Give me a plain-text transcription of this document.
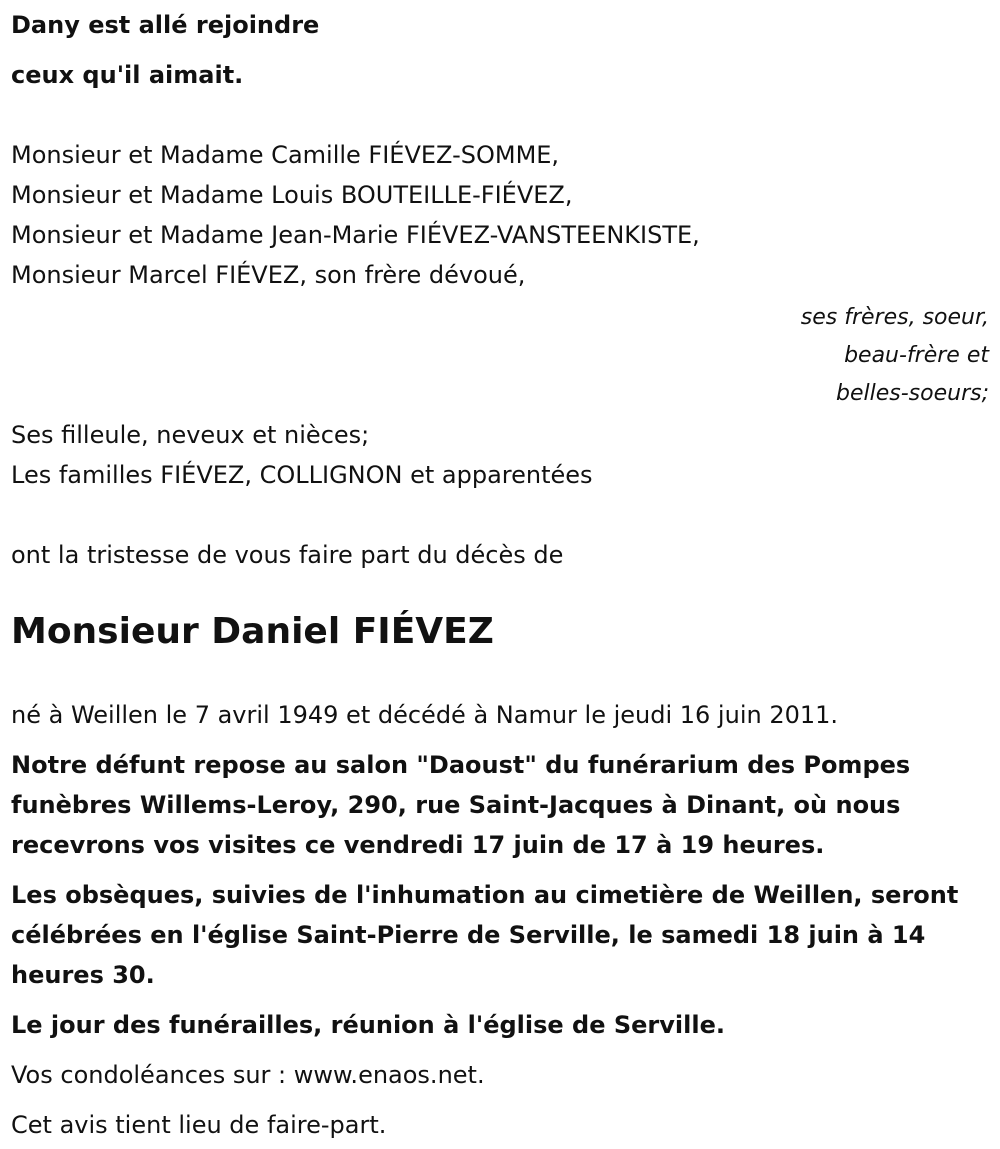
Dany est allé rejoindre
ceux qu'il aimait.
Monsieur et Madame Camille FIÉVEZ-SOMME,
Monsieur et Madame Louis BOUTEILLE-FIÉVEZ,
Monsieur et Madame Jean-Marie FIÉVEZ-VANSTEENKISTE,
Monsieur Marcel FIÉVEZ, son frère dévoué,
ses frères, soeur,
beau-frère et
belles-soeurs;
Ses filleule, neveux et nièces;
Les familles FIÉVEZ, COLLIGNON et apparentées
ont la tristesse de vous faire part du décès de
Monsieur Daniel FIÉVEZ
né à Weillen le 7 avril 1949 et décédé à Namur le jeudi 16 juin 2011.
Notre défunt repose au salon "Daoust" du funérarium des Pompes funèbres Willems-Leroy, 290, rue Saint-Jacques à Dinant, où nous recevrons vos visites ce vendredi 17 juin de 17 à 19 heures.
Les obsèques, suivies de l'inhumation au cimetière de Weillen, seront célébrées en l'église Saint-Pierre de Serville, le samedi 18 juin à 14 heures 30.
Le jour des funérailles, réunion à l'église de Serville.
Vos condoléances sur : www.enaos.net.
Cet avis tient lieu de faire-part.
